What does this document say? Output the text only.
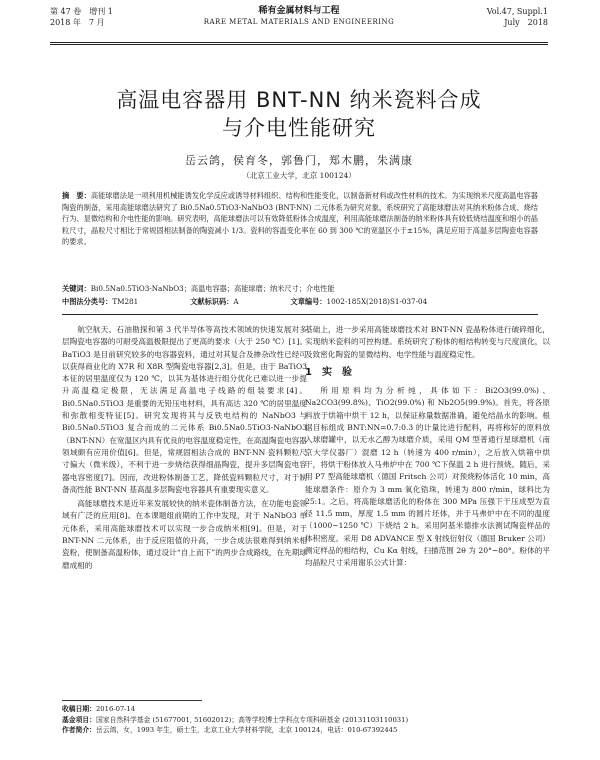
第 47 卷　增刊 1
2018 年　7 月
稀有金属材料与工程
RARE METAL MATERIALS AND ENGINEERING
Vol.47, Suppl.1
July　2018
高温电容器用 BNT-NN 纳米瓷料合成
与介电性能研究
岳云鸽，侯育冬，郭鲁门，郑木鹏，朱满康
（北京工业大学，北京 100124）
摘　要：高能球磨法是一项利用机械能诱发化学反应或诱导材料组织、结构和性能变化，以制备新材料或改性材料的技术。为实现纳米尺度高温电容器陶瓷的制备，采用高能球磨法研究了 Bi0.5Na0.5TiO3-NaNbO3 (BNT-NN) 二元体系为研究对象，系统研究了高能球磨法对其纳米粉体合成、烧结行为、显微结构和介电性能的影响。研究表明，高能球磨法可以有效降低粉体合成温度，利用高能球磨法制备的纳米粉体具有较低烧结温度和细小的晶粒尺寸，晶粒尺寸相比于常规固相法制备的陶瓷减小 1/3。瓷料的容温变化率在 60 到 300 ℃的宽温区小于±15%，满足应用于高温多层陶瓷电容器的要求。
关键词：Bi0.5Na0.5TiO3-NaNbO3；高温电容器；高能球磨；纳米尺寸；介电性能
中图法分类号：TM281	文献标识码：A	文章编号：1002-185X(2018)S1-037-04

航空航天、石油勘探和第 3 代半导体等高技术领域的快速发展对多层陶瓷电容器的可耐受高温极限提出了更高的要求（大于 250 ℃）[1]。BaTiO3 是目前研究较多的电容器瓷料，通过对其复合及掺杂改性已经可以获得商业化的 X7R 和 X8R 型陶瓷电容器[2,3]。但是，由于 BaTiO3 本征的居里温度仅为 120 ℃，以其为基体进行组分优化已难以进一步提升高温稳定极限，无法满足高温电子线路的组装要求[4]。Bi0.5Na0.5TiO3 是重要的无铅压电材料，具有高达 320 ℃的居里温度和弥散相变特征[5]。研究发现将其与反铁电结构的 NaNbO3 与 Bi0.5Na0.5TiO3 复合而成的二元体系 Bi0.5Na0.5TiO3-NaNbO3（BNT-NN）在宽温区内具有优良的电容温度稳定性，在高温陶瓷电容器领域颇有应用价值[6]。但是，常规固相法合成的 BNT-NN 瓷料颗粒尺寸偏大（微米级），不利于进一步烧结获得细晶陶瓷，提升多层陶瓷电容器电容密度[7]。因而，改进粉体制备工艺，降低瓷料颗粒尺寸，对于制备高性能 BNT-NN 基高温多层陶瓷电容器具有重要现实意义。

高能球磨技术是近年来发展较快的纳米瓷体制备方法，在功能电瓷领域有广泛的应用[8]。在本课题组前期的工作中发现，对于 NaNbO3 单元体系，采用高能球磨技术可以实现一步合成纳米相[9]。但是，对于 BNT-NN 二元体系，由于反应阻值的升高，一步合成法很难得到纳米相瓷粉，使制备高温粉体，通过设计“自上而下”的两步合成路线，在先期球磨成相的

基础上，进一步采用高能球磨技术对 BNT-NN 瓷晶粉体进行破碎细化，实现纳米瓷料的可控构建。系统研究了粉体的相结构转变与尺度演化，以及致密化陶瓷的显微结构、电学性能与温度稳定性。

1　实　验

所用原料均为分析纯，具体如下：Bi2O3(99.0%)、Na2CO3(99.8%)、TiO2(99.0%) 和 Nb2O5(99.9%)。首先，将各原料放于烘箱中烘干 12 h，以保证称量数据准确，避免结晶水的影响。根据目标组成 BNT:NN=0.7:0.3 的计量比进行配料，再将称好的原料放入球磨罐中，以无水乙醇为球磨介质，采用 QM 型普通行星球磨机（南京大学仪器厂）混磨 12 h（转速为 400 r/min），之后放入烘箱中烘干，将烘干粉体放入马弗炉中在 700 ℃下保温 2 h 进行预烧。随后，采用 P7 型高能球磨机（德国 Fritsch 公司）对预烧粉体活化 10 min，高能球磨条件：原介为 3 mm 氧化锆珠，转速为 800 r/min，球料比为 25:1。之后，将高能球磨活化的粉体在 300 MPa 压强下干压成型为直径 11.5 mm，厚度 1.5 mm 的圆片坯体，并于马弗炉中在不同的温度（1000~1250 ℃）下烧结 2 h。采用阿基米德排水法测试陶瓷样品的体积密度。采用 D8 ADVANCE 型 X 射线衍射仪（德国 Bruker 公司）测定样品的相结构，Cu Kα 射线，扫描范围 2θ 为 20°~80°。粉体的平均晶粒尺寸采用谢乐公式计算：

收稿日期：2016-07-14
基金项目：国家自然科学基金 (51677001, 51602012)；高等学校博士学科点专项科研基金 (20131103110031)
作者简介：岳云鸽，女，1993 年生，硕士生，北京工业大学材料学院，北京 100124，电话：010-67392445
